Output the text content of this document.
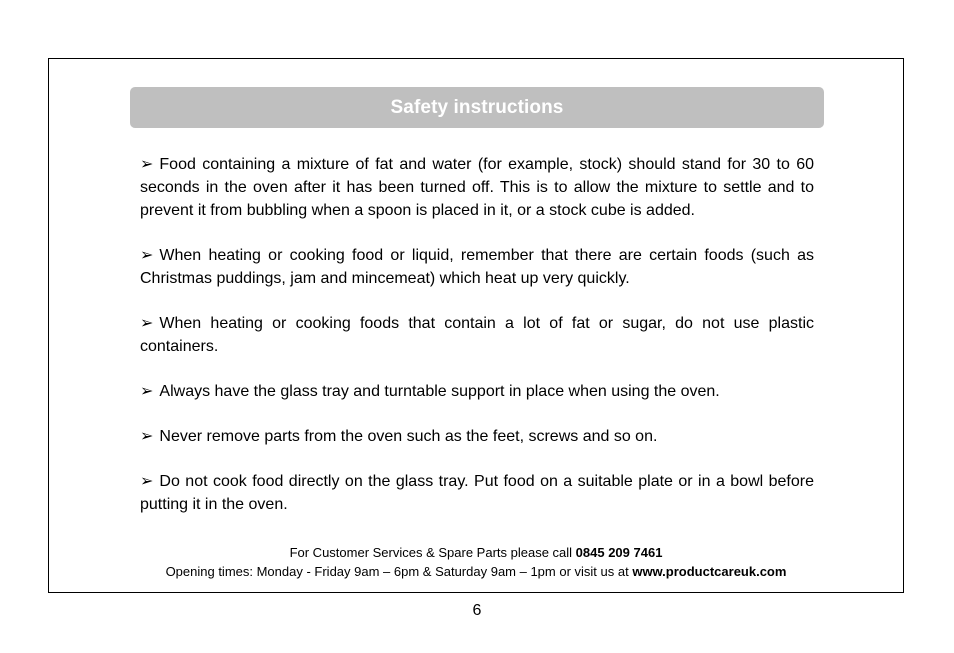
Safety instructions

➢ Food containing a mixture of fat and water (for example, stock) should stand for 30 to 60 seconds in the oven after it has been turned off. This is to allow the mixture to settle and to prevent it from bubbling when a spoon is placed in it, or a stock cube is added.

➢ When heating or cooking food or liquid, remember that there are certain foods (such as Christmas puddings, jam and mincemeat) which heat up very quickly.

➢ When heating or cooking foods that contain a lot of fat or sugar, do not use plastic containers.

➢ Always have the glass tray and turntable support in place when using the oven.

➢ Never remove parts from the oven such as the feet, screws and so on.

➢ Do not cook food directly on the glass tray. Put food on a suitable plate or in a bowl before putting it in the oven.

For Customer Services & Spare Parts please call 0845 209 7461
Opening times: Monday - Friday 9am – 6pm & Saturday 9am – 1pm or visit us at www.productcareuk.com
6
